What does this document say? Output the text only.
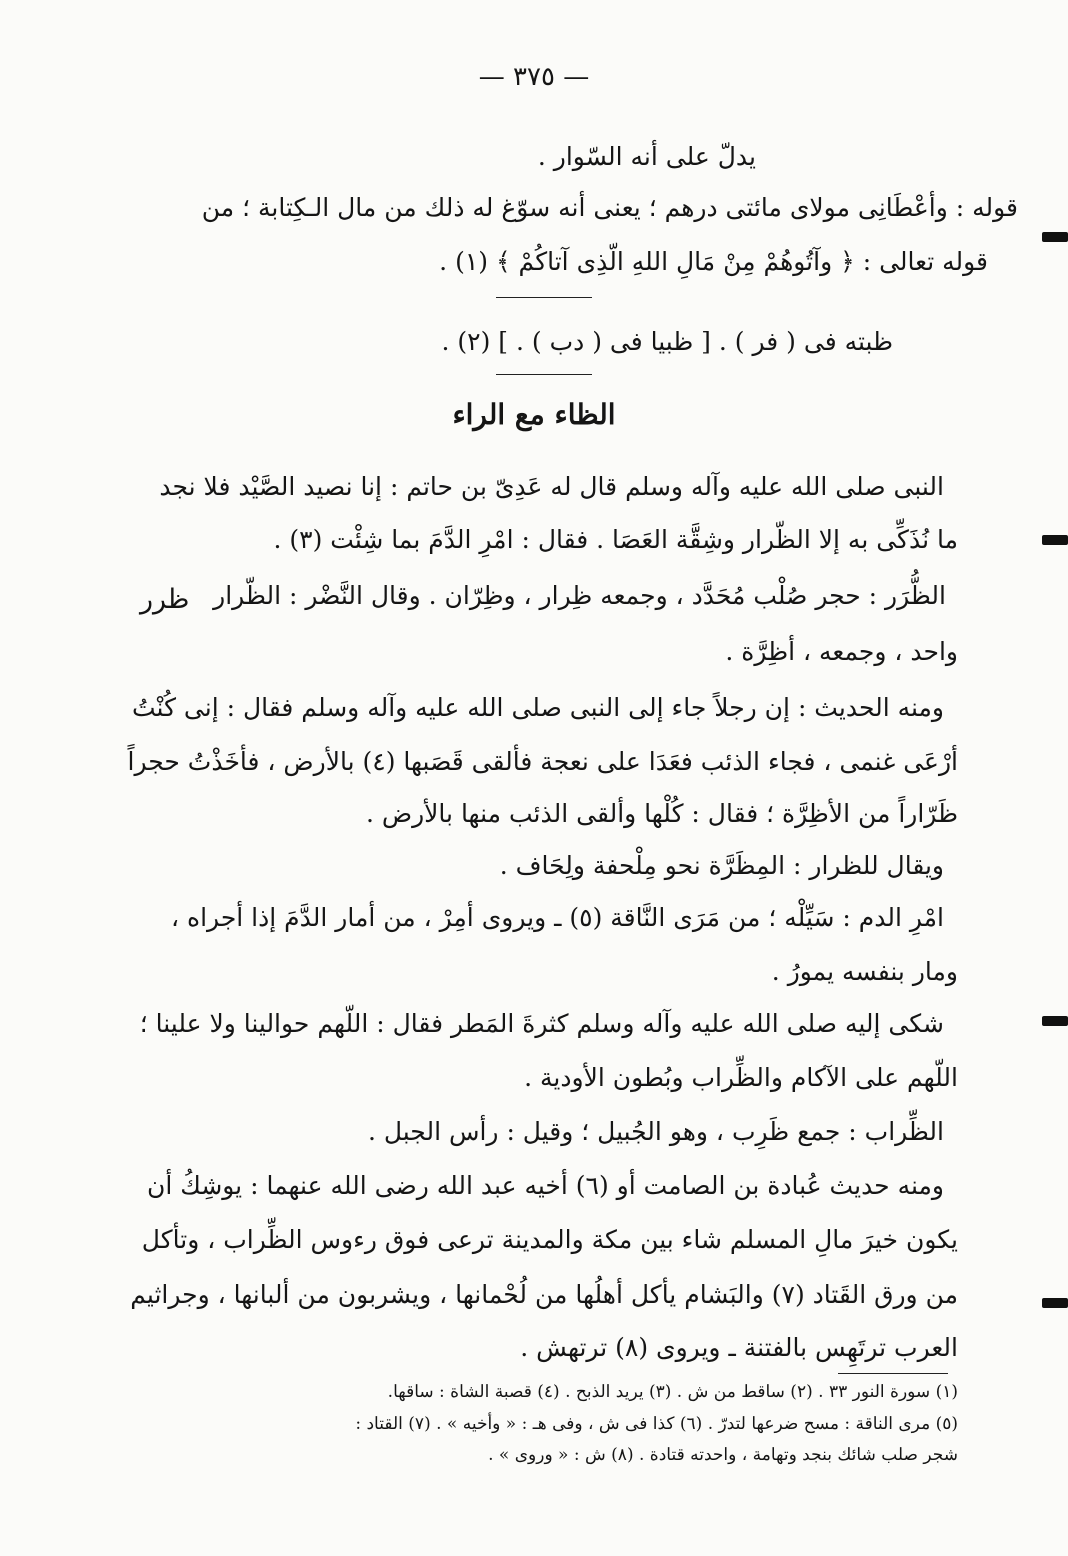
— ٣٧٥ —
يدلّ على أنه السّوار .
قوله : وأعْطَانِى مولاى مائتى درهم ؛ يعنى أنه سوّغ له ذلك من مال الـكِتابة ؛ من
قوله تعالى : ﴿ وآتُوهُمْ مِنْ مَالِ اللهِ الّذِى آتاكُمْ ﴾ (١) .
ظبته فى ( فر ) . [ ظبيا فى ( دب ) . ] (٢) .
الظاء مع الراء
ظرر
النبى صلى الله عليه وآله وسلم قال له عَدِىّ بن حاتم : إنا نصيد الصَّيْد فلا نجد
ما نُذَكِّى به إلا الظّرار وشِقَّة العَصَا . فقال : امْرِ الدَّمَ بما شِئْت (٣) .
الظُّرَر : حجر صُلْب مُحَدَّد ، وجمعه ظِرار ، وظِرّان . وقال النَّضْر : الظّرار
واحد ، وجمعه ، أظِرَّة .
ومنه الحديث : إن رجلاً جاء إلى النبى صلى الله عليه وآله وسلم فقال : إنى كُنْتُ
أرْعَى غنمى ، فجاء الذئب فعَدَا على نعجة فألقى قَصَبها (٤) بالأرض ، فأخَذْتُ حجراً
ظَرّاراً من الأظِرَّة ؛ فقال : كُلْها وألقى الذئب منها بالأرض .
ويقال للظرار : المِظَرَّة نحو مِلْحفة ولِحَاف .
امْرِ الدم : سَيِّلْه ؛ من مَرَى النَّاقة (٥) ـ ويروى أمِرْ ، من أمار الدَّمَ إذا أجراه ،
ومار بنفسه يمورُ .
شكى إليه صلى الله عليه وآله وسلم كثرةَ المَطر فقال : اللّهم حوالينا ولا علينا ؛
اللّهم على الآكام والظِّراب وبُطون الأودية .
الظِّراب : جمع ظَرِب ، وهو الجُبيل ؛ وقيل : رأس الجبل .
ومنه حديث عُبادة بن الصامت أو (٦) أخيه عبد الله رضى الله عنهما : يوشِكُ أن
يكون خيرَ مالِ المسلم شاء بين مكة والمدينة ترعى فوق رءوس الظِّراب ، وتأكل
من ورق القَتاد (٧) والبَشام يأكل أهلُها من لُحْمانها ، ويشربون من ألبانها ، وجراثيم
العرب ترتَهِس بالفتنة ـ ويروى (٨) ترتهش .
(١) سورة النور ٣٣ . (٢) ساقط من ش . (٣) يريد الذبح . (٤) قصبة الشاة : ساقها.
(٥) مرى الناقة : مسح ضرعها لتدرّ . (٦) كذا فى ش ، وفى هـ : « وأخيه » . (٧) القتاد :
شجر صلب شائك بنجد وتهامة ، واحدته قتادة . (٨) ش : « وروى » .
